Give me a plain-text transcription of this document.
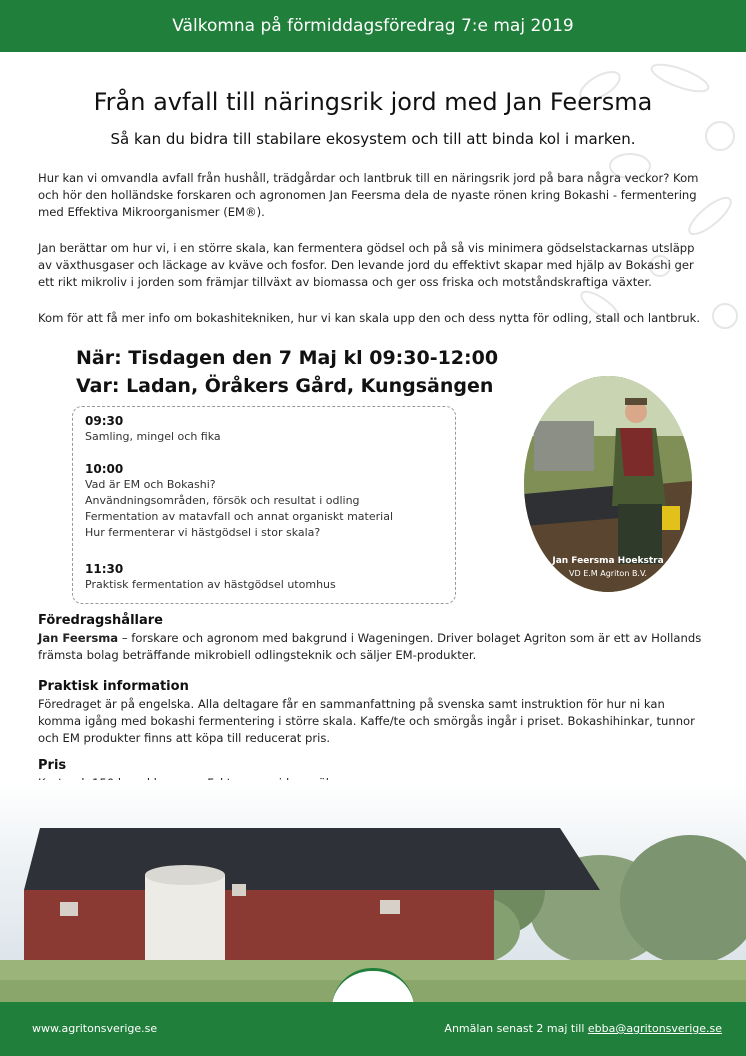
Välkomna på förmiddagsföredrag 7:e maj 2019
Från avfall till näringsrik jord med Jan Feersma
Så kan du bidra till stabilare ekosystem och till att binda kol i marken.
Hur kan vi omvandla avfall från hushåll, trädgårdar och lantbruk till en näringsrik jord på bara några veckor? Kom och hör den holländske forskaren och agronomen Jan Feersma dela de nyaste rönen kring Bokashi - fermentering med Effektiva Mikroorganismer (EM®).
Jan berättar om hur vi, i en större skala, kan fermentera gödsel och på så vis minimera gödselstackarnas utsläpp av växthusgaser och läckage av kväve och fosfor. Den levande jord du effektivt skapar med hjälp av Bokashi ger ett rikt mikroliv i jorden som främjar tillväxt av biomassa och ger oss friska och motståndskraftiga växter.
Kom för att få mer info om bokashitekniken, hur vi kan skala upp den och dess nytta för odling, stall och lantbruk.
När: Tisdagen den 7 Maj kl 09:30-12:00
Var: Ladan, Öråkers Gård, Kungsängen
09:30
Samling, mingel och fika
10:00
Vad är EM och Bokashi?
Användningsområden, försök och resultat i odling
Fermentation av matavfall och annat organiskt material
Hur fermenterar vi hästgödsel i stor skala?
11:30
Praktisk fermentation av hästgödsel utomhus
Jan Feersma Hoekstra
VD E.M Agriton B.V.
Föredragshållare
Jan Feersma – forskare och agronom med bakgrund i Wageningen. Driver bolaget Agriton som är ett av Hollands främsta bolag beträffande mikrobiell odlingsteknik och säljer EM-produkter.
Praktisk information
Föredraget är på engelska. Alla deltagare får en sammanfattning på svenska samt instruktion för hur ni kan komma igång med bokashi fermentering i större skala. Kaffe/te och smörgås ingår i priset. Bokashihinkar, tunnor och EM produkter finns att köpa till reducerat pris.
Pris
www.agritonsverige.se	Anmälan senast 2 maj till ebba@agritonsverige.se
